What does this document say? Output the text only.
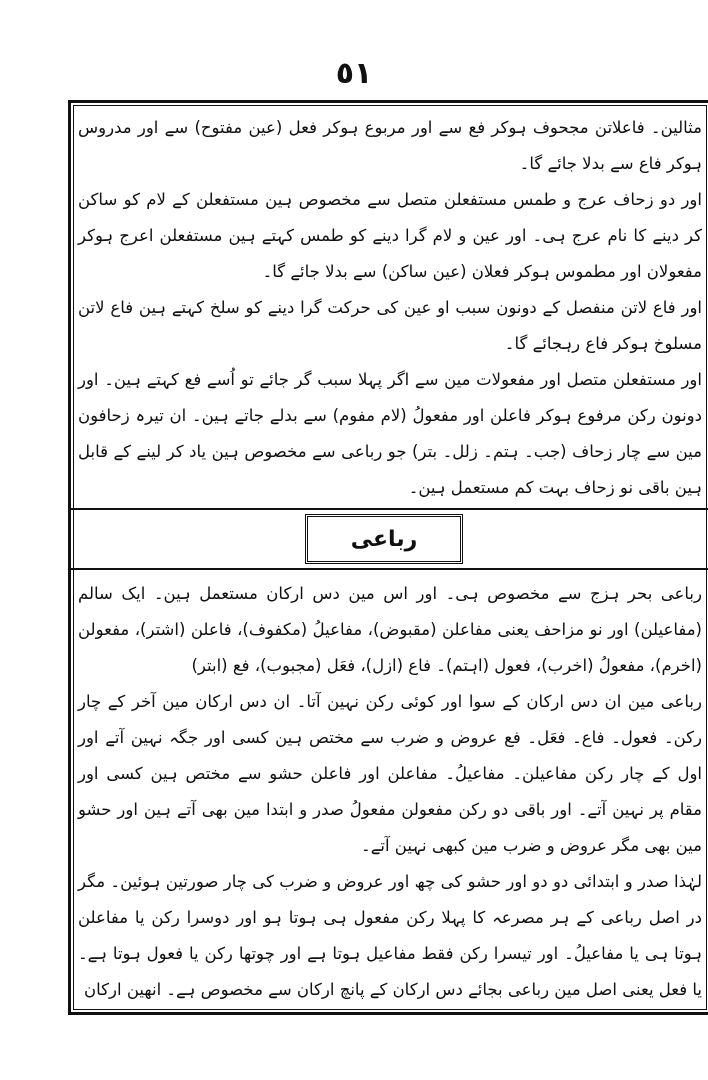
٥١

مثالین۔ فاعلاتن مجحوف ہوکر فع سے اور مربوع ہوکر فعل (عین مفتوح) سے اور مدروس ہوکر فاع سے بدلا جائے گا۔

اور دو زحاف عرج و طمس مستفعلن متصل سے مخصوص ہین مستفعلن کے لام کو ساکن کر دینے کا نام عرج ہی۔ اور عین و لام گرا دینے کو طمس کہتے ہین مستفعلن اعرج ہوکر مفعولان اور مطموس ہوکر فعلان (عین ساکن) سے بدلا جائے گا۔

اور فاع لاتن منفصل کے دونون سبب او عین کی حرکت گرا دینے کو سلخ کہتے ہین فاع لاتن مسلوخ ہوکر فاع رہجائے گا۔

اور مستفعلن متصل اور مفعولات مین سے اگر پہلا سبب گر جائے تو اُسے فع کہتے ہین۔ اور دونون رکن مرفوع ہوکر فاعلن اور مفعولُ (لام مفوم) سے بدلے جاتے ہین۔ ان تیرہ زحافون مین سے چار زحاف (جب۔ ہتم۔ زلل۔ بتر) جو رباعی سے مخصوص ہین یاد کر لینے کے قابل ہین باقی نو زحاف بہت کم مستعمل ہین۔

رباعی

رباعی بحر ہزج سے مخصوص ہی۔ اور اس مین دس ارکان مستعمل ہین۔ ایک سالم (مفاعیلن) اور نو مزاحف یعنی مفاعلن (مقبوض)، مفاعیلُ (مکفوف)، فاعلن (اشتر)، مفعولن (اخرم)، مفعولُ (اخرب)، فعول (اہتم)۔ فاع (ازل)، فعَل (مجبوب)، فع (ابتر)

رباعی مین ان دس ارکان کے سوا اور کوئی رکن نہین آتا۔ ان دس ارکان مین آخر کے چار رکن۔ فعول۔ فاع۔ فعَل۔ فع عروض و ضرب سے مختص ہین کسی اور جگہ نہین آتے اور اول کے چار رکن مفاعیلن۔ مفاعیلُ۔ مفاعلن اور فاعلن حشو سے مختص ہین کسی اور مقام پر نہین آتے۔ اور باقی دو رکن مفعولن مفعولُ صدر و ابتدا مین بھی آتے ہین اور حشو مین بھی مگر عروض و ضرب مین کبھی نہین آتے۔

لہٰذا صدر و ابتدائی دو دو اور حشو کی چھ اور عروض و ضرب کی چار صورتین ہوئین۔ مگر در اصل رباعی کے ہر مصرعہ کا پہلا رکن مفعول ہی ہوتا ہو اور دوسرا رکن یا مفاعلن ہوتا ہی یا مفاعیلُ۔ اور تیسرا رکن فقط مفاعیل ہوتا ہے اور چوتھا رکن یا فعول ہوتا ہے۔ یا فعل یعنی اصل مین رباعی بجائے دس ارکان کے پانچ ارکان سے مخصوص ہے۔ انھین ارکان
